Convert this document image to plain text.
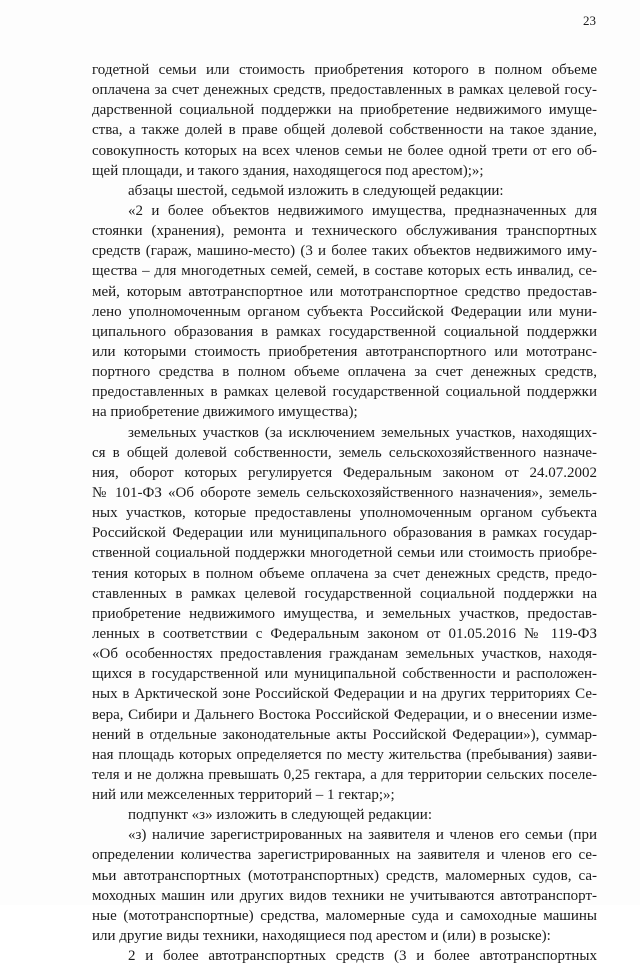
23
годетной семьи или стоимость приобретения которого в полном объеме
оплачена за счет денежных средств, предоставленных в рамках целевой госу-
дарственной социальной поддержки на приобретение недвижимого имуще-
ства, а также долей в праве общей долевой собственности на такое здание,
совокупность которых на всех членов семьи не более одной трети от его об-
щей площади, и такого здания, находящегося под арестом);»;
абзацы шестой, седьмой изложить в следующей редакции:
«2 и более объектов недвижимого имущества, предназначенных для
стоянки (хранения), ремонта и технического обслуживания транспортных
средств (гараж, машино-место) (3 и более таких объектов недвижимого иму-
щества – для многодетных семей, семей, в составе которых есть инвалид, се-
мей, которым автотранспортное или мототранспортное средство предостав-
лено уполномоченным органом субъекта Российской Федерации или муни-
ципального образования в рамках государственной социальной поддержки
или которыми стоимость приобретения автотранспортного или мототранс-
портного средства в полном объеме оплачена за счет денежных средств,
предоставленных в рамках целевой государственной социальной поддержки
на приобретение движимого имущества);
земельных участков (за исключением земельных участков, находящих-
ся в общей долевой собственности, земель сельскохозяйственного назначе-
ния, оборот которых регулируется Федеральным законом от 24.07.2002
№ 101-ФЗ «Об обороте земель сельскохозяйственного назначения», земель-
ных участков, которые предоставлены уполномоченным органом субъекта
Российской Федерации или муниципального образования в рамках государ-
ственной социальной поддержки многодетной семьи или стоимость приобре-
тения которых в полном объеме оплачена за счет денежных средств, предо-
ставленных в рамках целевой государственной социальной поддержки на
приобретение недвижимого имущества, и земельных участков, предостав-
ленных в соответствии с Федеральным законом от 01.05.2016 № 119-ФЗ
«Об особенностях предоставления гражданам земельных участков, находя-
щихся в государственной или муниципальной собственности и расположен-
ных в Арктической зоне Российской Федерации и на других территориях Се-
вера, Сибири и Дальнего Востока Российской Федерации, и о внесении изме-
нений в отдельные законодательные акты Российской Федерации»), суммар-
ная площадь которых определяется по месту жительства (пребывания) заяви-
теля и не должна превышать 0,25 гектара, а для территории сельских поселе-
ний или межселенных территорий – 1 гектар;»;
подпункт «з» изложить в следующей редакции:
«з) наличие зарегистрированных на заявителя и членов его семьи (при
определении количества зарегистрированных на заявителя и членов его се-
мьи автотранспортных (мототранспортных) средств, маломерных судов, са-
моходных машин или других видов техники не учитываются автотранспорт-
ные (мототранспортные) средства, маломерные суда и самоходные машины
или другие виды техники, находящиеся под арестом и (или) в розыске):
2 и более автотранспортных средств (3 и более автотранспортных
